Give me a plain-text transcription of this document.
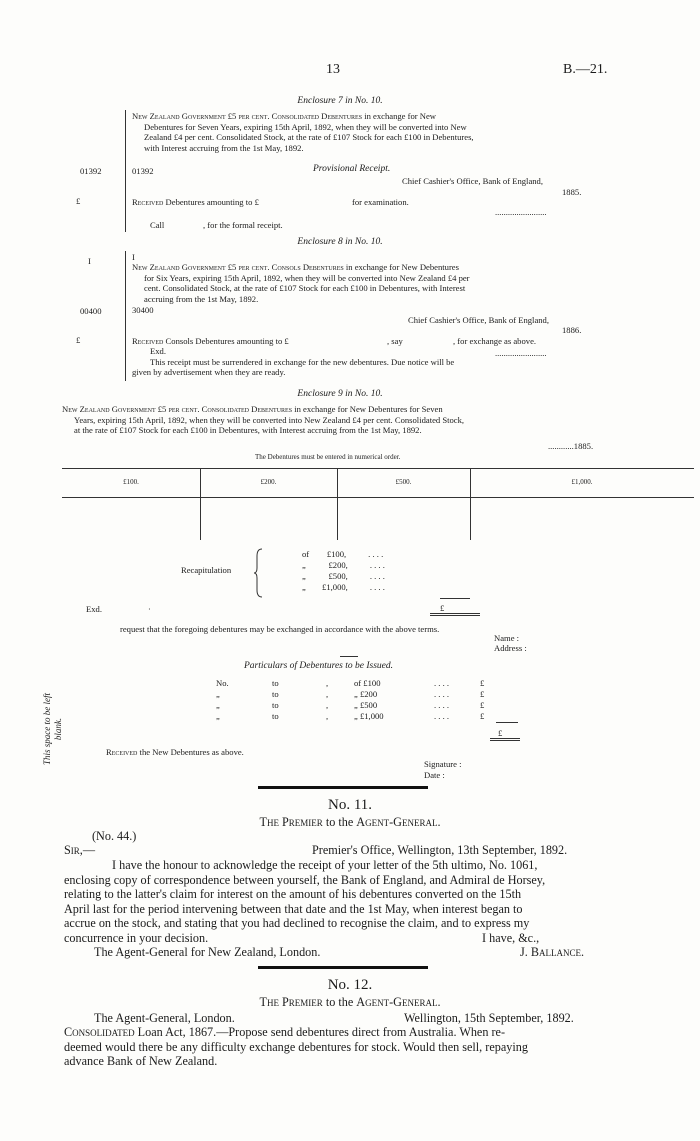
13	B.—21.
Enclosure 7 in No. 10.
New Zealand Government £5 per cent. Consolidated Debentures in exchange for New
Debentures for Seven Years, expiring 15th April, 1892, when they will be converted into New
Zealand £4 per cent. Consolidated Stock, at the rate of £107 Stock for each £100 in Debentures,
with Interest accruing from the 1st May, 1892.
01392	01392	Provisional Receipt.
Chief Cashier's Office, Bank of England,
1885.
£	Received Debentures amounting to £	for examination.
........................
Call	, for the formal receipt.
Enclosure 8 in No. 10.
I	I
New Zealand Government £5 per cent. Consols Debentures in exchange for New Debentures
for Six Years, expiring 15th April, 1892, when they will be converted into New Zealand £4 per
cent. Consolidated Stock, at the rate of £107 Stock for each £100 in Debentures, with Interest
accruing from the 1st May, 1892.
00400	30400
Chief Cashier's Office, Bank of England,
1886.
£	Received Consols Debentures amounting to £	, say	, for exchange as above.
Exd.	........................
This receipt must be surrendered in exchange for the new debentures. Due notice will be
given by advertisement when they are ready.
Enclosure 9 in No. 10.
New Zealand Government £5 per cent. Consolidated Debentures in exchange for New Debentures for Seven
Years, expiring 15th April, 1892, when they will be converted into New Zealand £4 per cent. Consolidated Stock,
at the rate of £107 Stock for each £100 in Debentures, with Interest accruing from the 1st May, 1892.
............1885.
The Debentures must be entered in numerical order.
£100.	£200.	£500.	£1,000.
Recapitulation
of £100,	. . . .
„	£200,	. . . .
„	£500,	. . . .
„ £1,000,	. . . .
Exd.	·	£
request that the foregoing debentures may be exchanged in accordance with the above terms.
Name :
Address :
Particulars of Debentures to be Issued.
No.	to	,	of £100	. . . .	£
„	to	,	„ £200	. . . .	£
„	to	,	„ £500	. . . .	£
„	to	,	„ £1,000	. . . .	£
£
This space to be left blank.
Received the New Debentures as above.
Signature :
Date :
No. 11.
The Premier to the Agent-General.
(No. 44.)
Sir,—	Premier's Office, Wellington, 13th September, 1892.
I have the honour to acknowledge the receipt of your letter of the 5th ultimo, No. 1061,
enclosing copy of correspondence between yourself, the Bank of England, and Admiral de Horsey,
relating to the latter's claim for interest on the amount of his debentures converted on the 15th
April last for the period intervening between that date and the 1st May, when interest began to
accrue on the stock, and stating that you had declined to recognise the claim, and to express my
concurrence in your decision.	I have, &c.,
The Agent-General for New Zealand, London.	J. Ballance.
No. 12.
The Premier to the Agent-General.
The Agent-General, London.	Wellington, 15th September, 1892.
Consolidated Loan Act, 1867.—Propose send debentures direct from Australia. When re-
deemed would there be any difficulty exchange debentures for stock. Would then sell, repaying
advance Bank of New Zealand.
